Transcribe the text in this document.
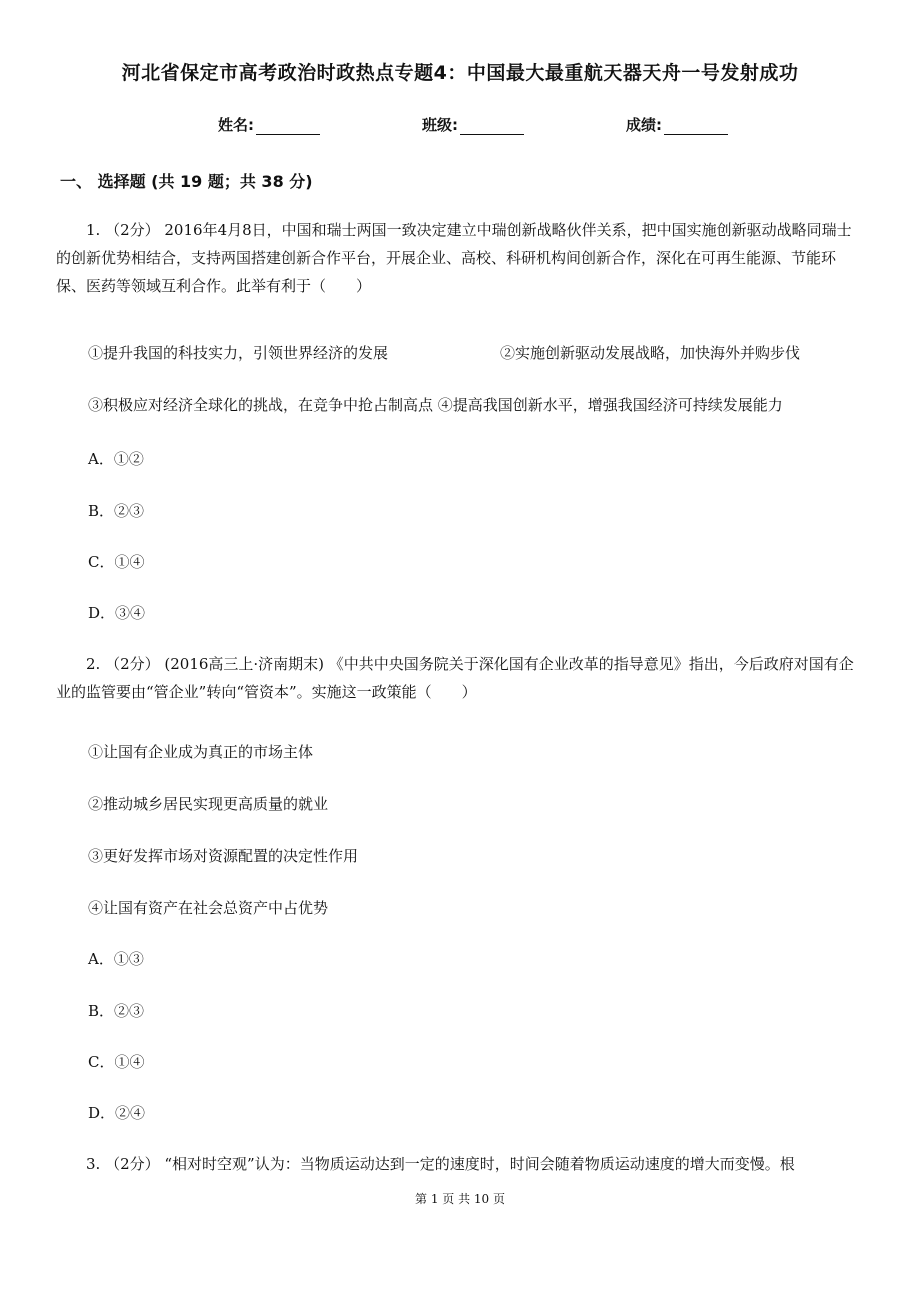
河北省保定市高考政治时政热点专题4：中国最大最重航天器天舟一号发射成功
姓名:	班级:	成绩:
一、 选择题 (共 19 题；共 38 分)
1. （2分） 2016年4月8日，中国和瑞士两国一致决定建立中瑞创新战略伙伴关系，把中国实施创新驱动战略同瑞士的创新优势相结合，支持两国搭建创新合作平台，开展企业、高校、科研机构间创新合作，深化在可再生能源、节能环保、医药等领域互利合作。此举有利于（　　）
①提升我国的科技实力，引领世界经济的发展	②实施创新驱动发展战略，加快海外并购步伐
③积极应对经济全球化的挑战，在竞争中抢占制高点 ④提高我国创新水平，增强我国经济可持续发展能力
A．①②
B．②③
C．①④
D．③④
2. （2分） (2016高三上·济南期末) 《中共中央国务院关于深化国有企业改革的指导意见》指出，今后政府对国有企业的监管要由“管企业”转向“管资本”。实施这一政策能（　　）
①让国有企业成为真正的市场主体
②推动城乡居民实现更高质量的就业
③更好发挥市场对资源配置的决定性作用
④让国有资产在社会总资产中占优势
A．①③
B．②③
C．①④
D．②④
3. （2分） “相对时空观”认为：当物质运动达到一定的速度时，时间会随着物质运动速度的增大而变慢。根
第 1 页 共 10 页
